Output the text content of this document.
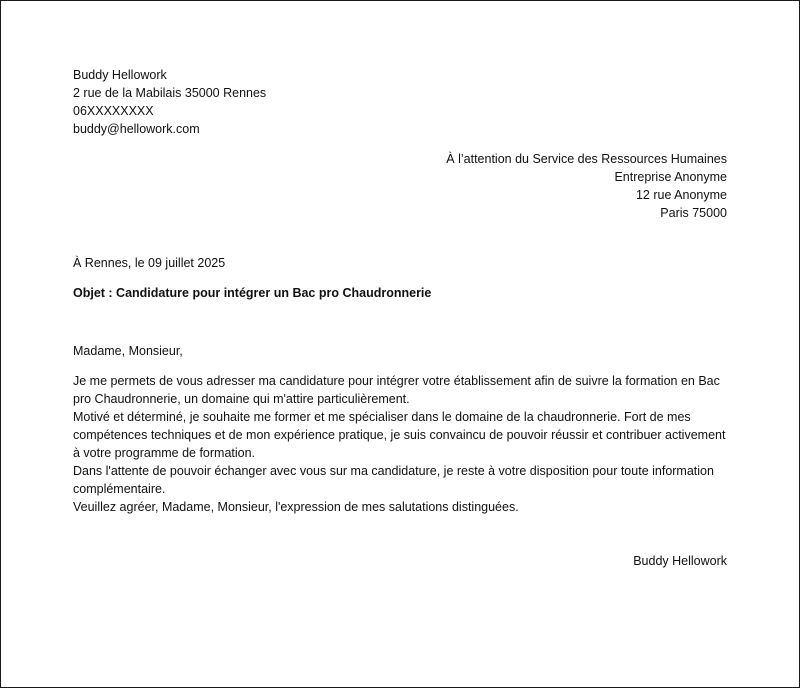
Buddy Hellowork

2 rue de la Mabilais 35000 Rennes

06XXXXXXXX

buddy@hellowork.com

À l’attention du Service des Ressources Humaines

Entreprise Anonyme

12 rue Anonyme

Paris 75000

À Rennes, le 09 juillet 2025

Objet : Candidature pour intégrer un Bac pro Chaudronnerie

Madame, Monsieur,

Je me permets de vous adresser ma candidature pour intégrer votre établissement afin de suivre la formation en Bac pro Chaudronnerie, un domaine qui m'attire particulièrement.

Motivé et déterminé, je souhaite me former et me spécialiser dans le domaine de la chaudronnerie. Fort de mes compétences techniques et de mon expérience pratique, je suis convaincu de pouvoir réussir et contribuer activement à votre programme de formation.

Dans l'attente de pouvoir échanger avec vous sur ma candidature, je reste à votre disposition pour toute information complémentaire.

Veuillez agréer, Madame, Monsieur, l'expression de mes salutations distinguées.

Buddy Hellowork
